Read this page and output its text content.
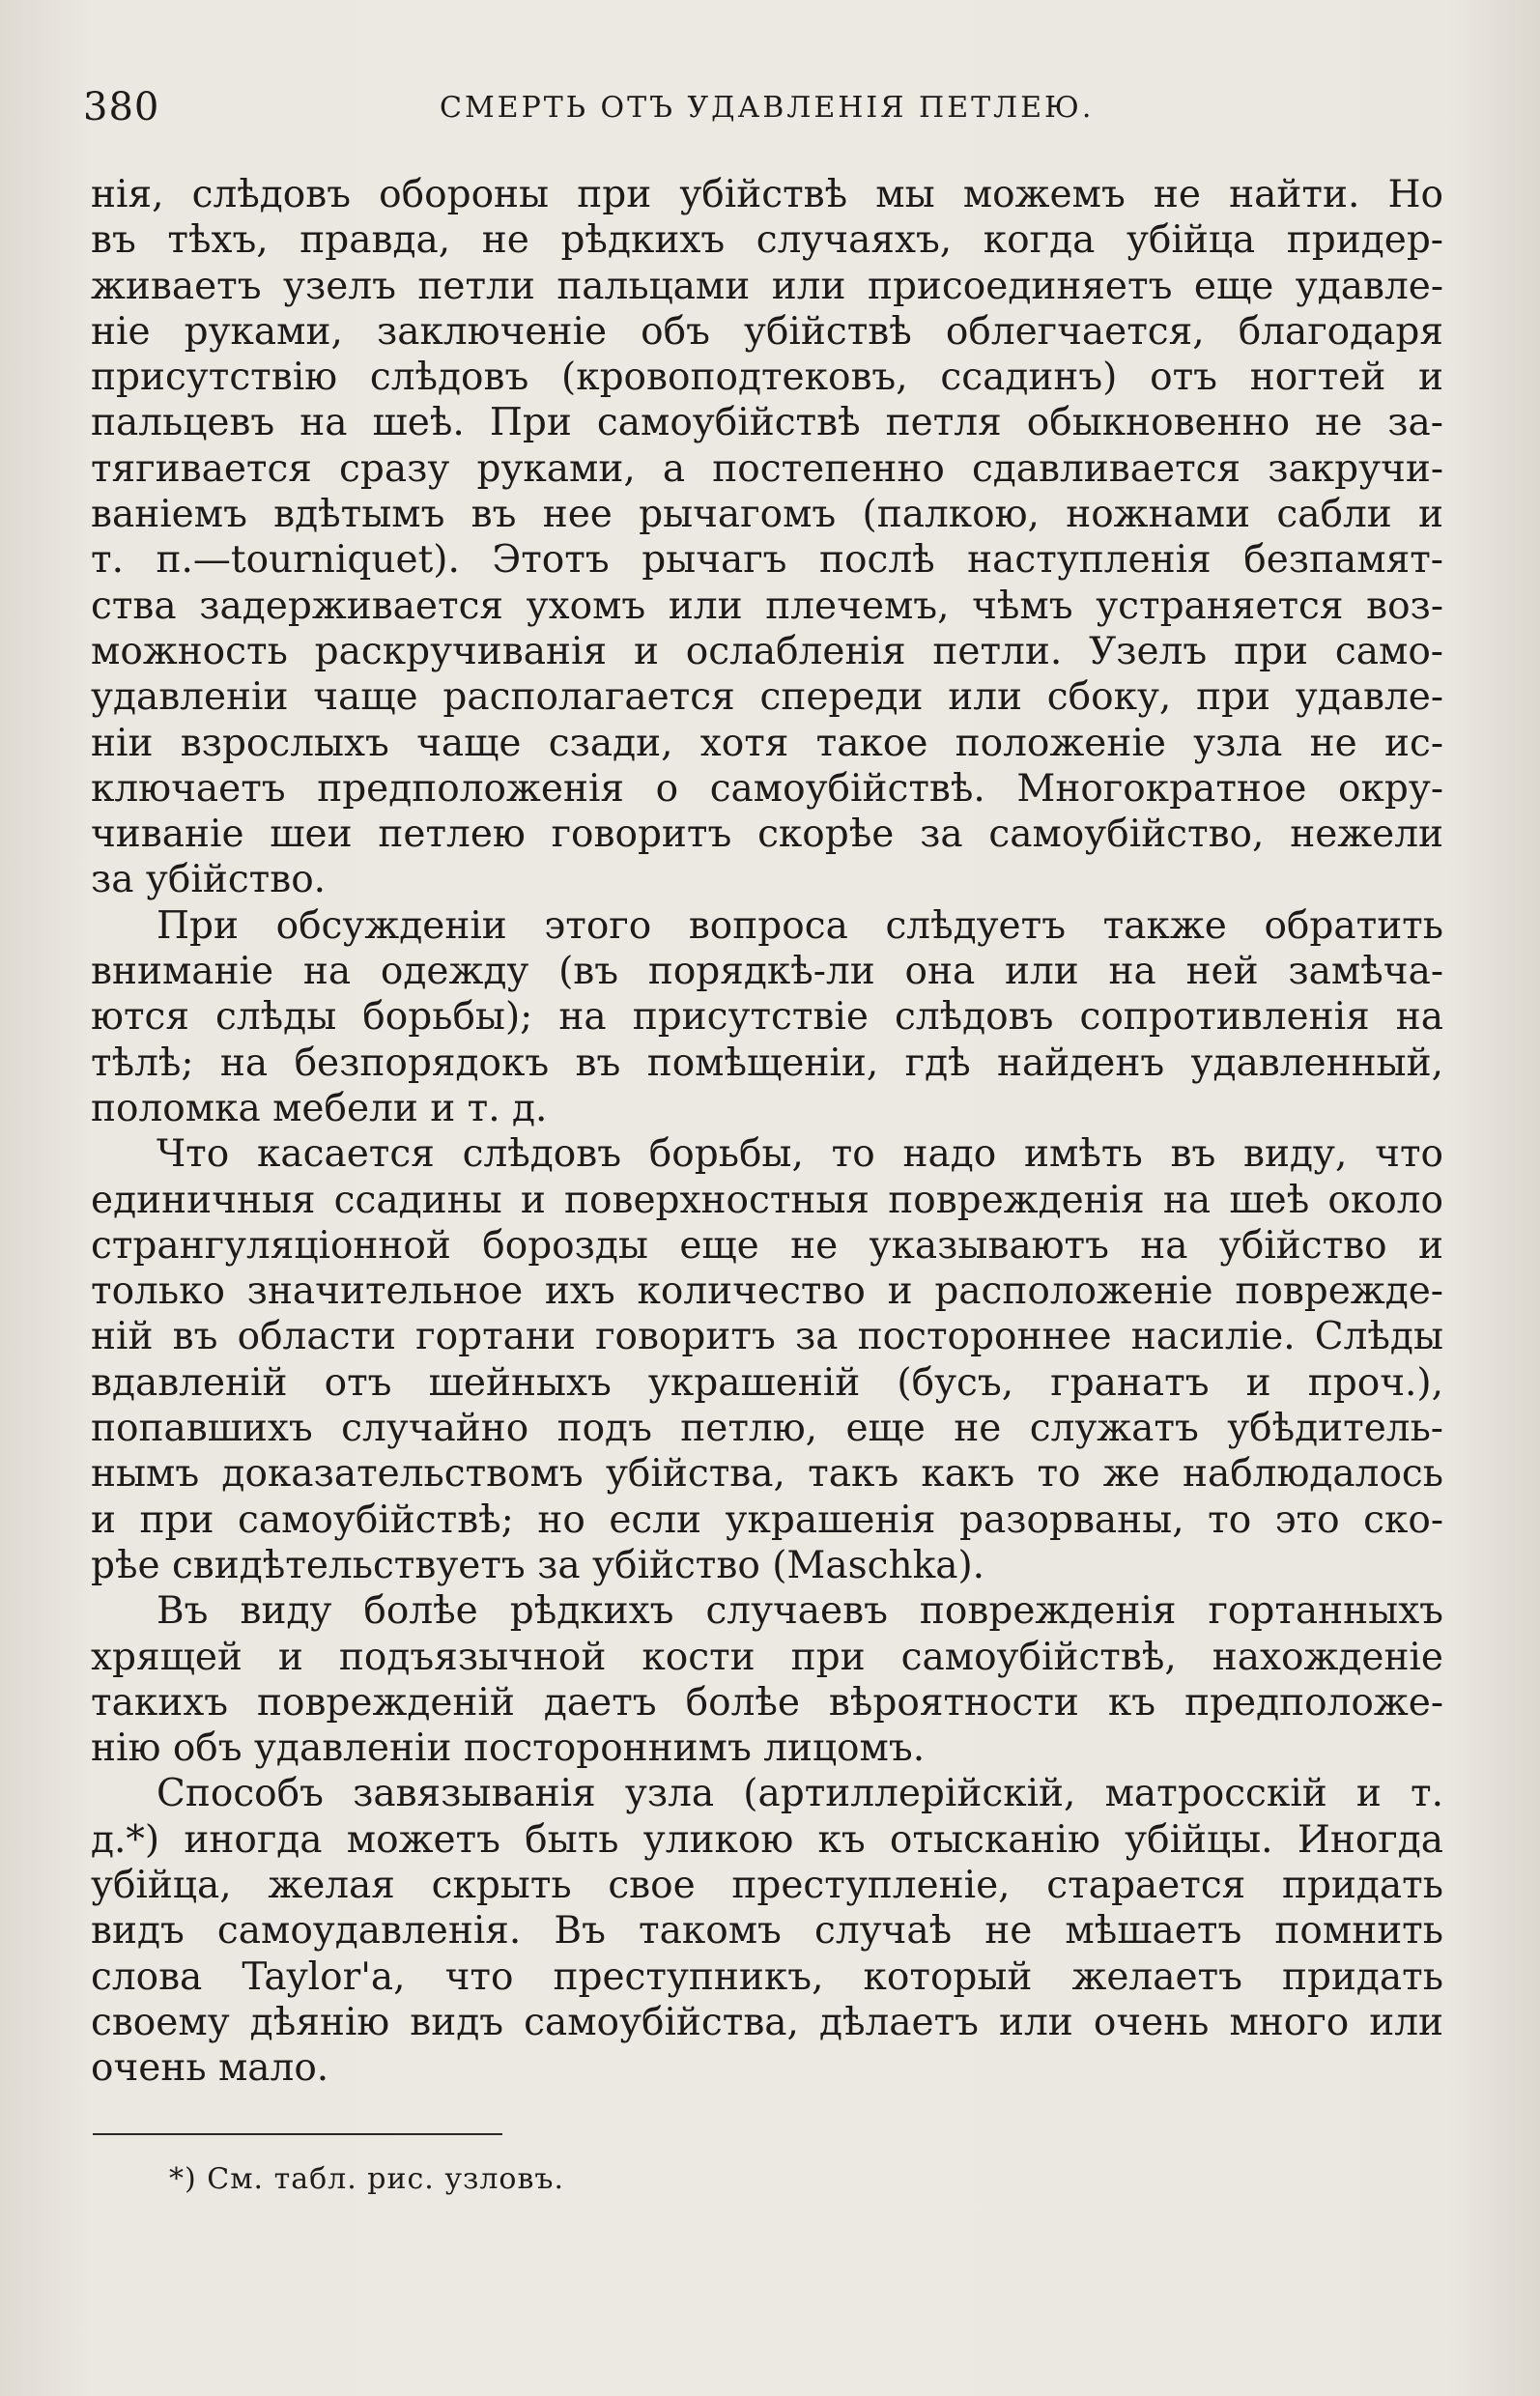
380	СМЕРТЬ ОТЪ УДАВЛЕНІЯ ПЕТЛЕЮ.
нія, слѣдовъ обороны при убійствѣ мы можемъ не найти. Но
въ тѣхъ, правда, не рѣдкихъ случаяхъ, когда убійца придер-
живаетъ узелъ петли пальцами или присоединяетъ еще удавле-
ніе руками, заключеніе объ убійствѣ облегчается, благодаря
присутствію слѣдовъ (кровоподтековъ, ссадинъ) отъ ногтей и
пальцевъ на шеѣ. При самоубійствѣ петля обыкновенно не за-
тягивается сразу руками, а постепенно сдавливается закручи-
ваніемъ вдѣтымъ въ нее рычагомъ (палкою, ножнами сабли и
т. п.—tourniquet). Этотъ рычагъ послѣ наступленія безпамят-
ства задерживается ухомъ или плечемъ, чѣмъ устраняется воз-
можность раскручиванія и ослабленія петли. Узелъ при само-
удавленіи чаще располагается спереди или сбоку, при удавле-
ніи взрослыхъ чаще сзади, хотя такое положеніе узла не ис-
ключаетъ предположенія о самоубійствѣ. Многократное окру-
чиваніе шеи петлею говоритъ скорѣе за самоубійство, нежели
за убійство.
При обсужденіи этого вопроса слѣдуетъ также обратить
вниманіе на одежду (въ порядкѣ-ли она или на ней замѣча-
ются слѣды борьбы); на присутствіе слѣдовъ сопротивленія на
тѣлѣ; на безпорядокъ въ помѣщеніи, гдѣ найденъ удавленный,
поломка мебели и т. д.
Что касается слѣдовъ борьбы, то надо имѣть въ виду, что
единичныя ссадины и поверхностныя поврежденія на шеѣ около
странгуляціонной борозды еще не указываютъ на убійство и
только значительное ихъ количество и расположеніе поврежде-
ній въ области гортани говоритъ за постороннее насиліе. Слѣды
вдавленій отъ шейныхъ украшеній (бусъ, гранатъ и проч.),
попавшихъ случайно подъ петлю, еще не служатъ убѣдитель-
нымъ доказательствомъ убійства, такъ какъ то же наблюдалось
и при самоубійствѣ; но если украшенія разорваны, то это ско-
рѣе свидѣтельствуетъ за убійство (Maschka).
Въ виду болѣе рѣдкихъ случаевъ поврежденія гортанныхъ
хрящей и подъязычной кости при самоубійствѣ, нахожденіе
такихъ поврежденій даетъ болѣе вѣроятности къ предположе-
нію объ удавленіи постороннимъ лицомъ.
Способъ завязыванія узла (артиллерійскій, матросскій и т.
д.*) иногда можетъ быть уликою къ отысканію убійцы. Иногда
убійца, желая скрыть свое преступленіе, старается придать
видъ самоудавленія. Въ такомъ случаѣ не мѣшаетъ помнить
слова Taylor'а, что преступникъ, который желаетъ придать
своему дѣянію видъ самоубійства, дѣлаетъ или очень много или
очень мало.
*) См. табл. рис. узловъ.
